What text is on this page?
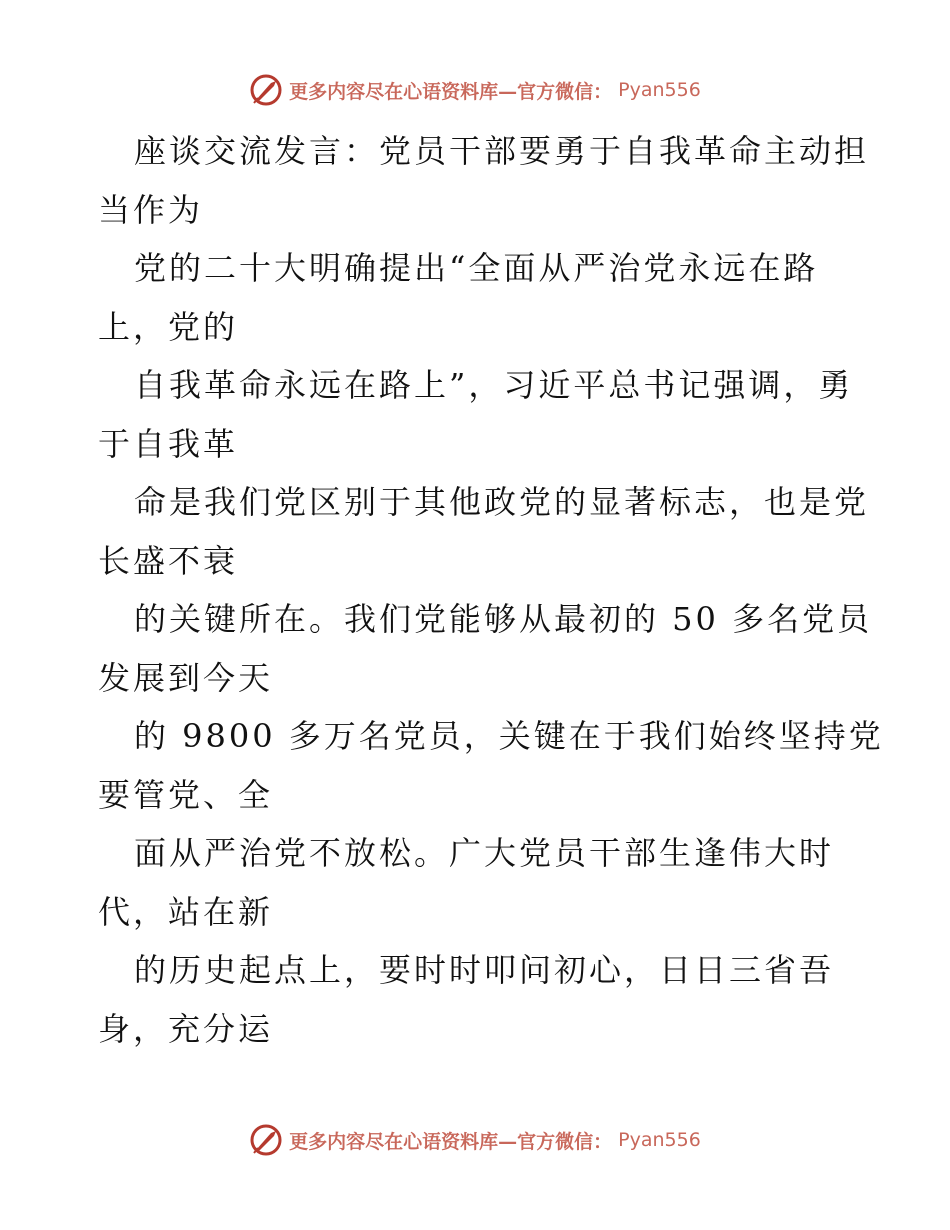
更多内容尽在心语资料库—官方微信： Pyan556

座谈交流发言：党员干部要勇于自我革命主动担

当作为

党的二十大明确提出“全面从严治党永远在路

上，党的

自我革命永远在路上”，习近平总书记强调，勇

于自我革

命是我们党区别于其他政党的显著标志，也是党

长盛不衰

的关键所在。我们党能够从最初的 50 多名党员

发展到今天

的 9800 多万名党员，关键在于我们始终坚持党

要管党、全

面从严治党不放松。广大党员干部生逢伟大时

代，站在新

的历史起点上，要时时叩问初心，日日三省吾

身，充分运

更多内容尽在心语资料库—官方微信： Pyan556
